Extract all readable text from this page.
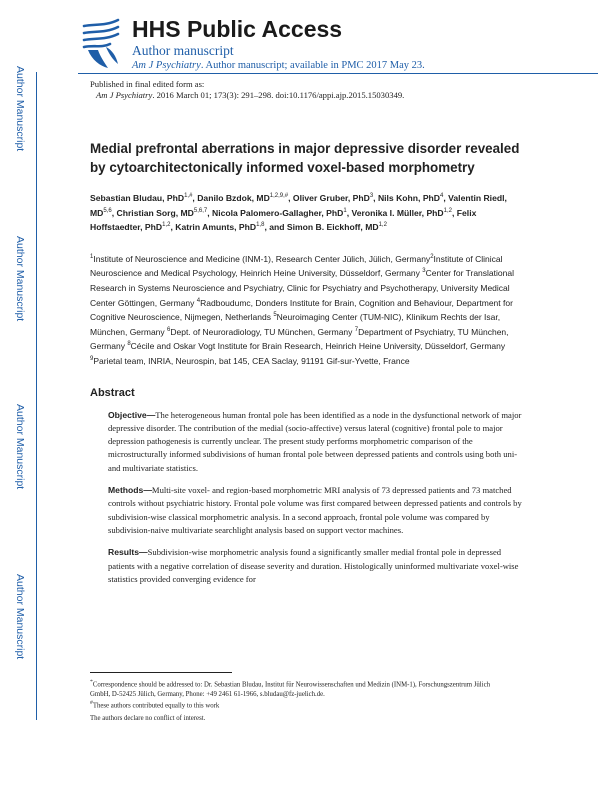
Author Manuscript
Author Manuscript
Author Manuscript
Author Manuscript
HHS Public Access
Author manuscript
Am J Psychiatry. Author manuscript; available in PMC 2017 May 23.
Published in final edited form as:
Am J Psychiatry. 2016 March 01; 173(3): 291–298. doi:10.1176/appi.ajp.2015.15030349.
Medial prefrontal aberrations in major depressive disorder revealed by cytoarchitectonically informed voxel-based morphometry
Sebastian Bludau, PhD$^{1,\#}$, Danilo Bzdok, $MD^{1,2,9,\#}$, Oliver Gruber, PhD$^3$, Nils Kohn, PhD$^4$, Valentin Riedl, MD$^{5,6}$, Christian Sorg, MD$^{5,6,7}$, Nicola Palomero-Gallagher, PhD$^1$, Veronika I. Müller, PhD$^{1,2}$, Felix Hoffstaedter, PhD$^{1,2}$, Katrin Amunts, PhD$^{1,8}$, and Simon B. Eickhoff, MD$^{1,2}$
$^1$Institute of Neuroscience and Medicine (INM-1), Research Center Jülich, Jülich, Germany$^2$Institute of Clinical Neuroscience and Medical Psychology, Heinrich Heine University, Düsseldorf, Germany $^3$Center for Translational Research in Systems Neuroscience and Psychiatry, Clinic for Psychiatry and Psychotherapy, University Medical Center Göttingen, Germany $^4$Radboudumc, Donders Institute for Brain, Cognition and Behaviour, Department for Cognitive Neuroscience, Nijmegen, Netherlands $^5$Neuroimaging Center (TUM-NIC), Klinikum Rechts der Isar, München, Germany $^6$Dept. of Neuroradiology, TU München, Germany $^7$Department of Psychiatry, TU München, Germany $^8$Cécile and Oskar Vogt Institute for Brain Research, Heinrich Heine University, Düsseldorf, Germany $^9$Parietal team, INRIA, Neurospin, bat 145, CEA Saclay, 91191 Gif-sur-Yvette, France
Abstract
Objective—The heterogeneous human frontal pole has been identified as a node in the dysfunctional network of major depressive disorder. The contribution of the medial (socio-affective) versus lateral (cognitive) frontal pole to major depression pathogenesis is currently unclear. The present study performs morphometric comparison of the microstructurally informed subdivisions of human frontal pole between depressed patients and controls using both uni- and multivariate statistics.
Methods—Multi-site voxel- and region-based morphometric MRI analysis of 73 depressed patients and 73 matched controls without psychiatric history. Frontal pole volume was first compared between depressed patients and controls by subdivision-wise classical morphometric analysis. In a second approach, frontal pole volume was compared by subdivision-naive multivariate searchlight analysis based on support vector machines.
Results—Subdivision-wise morphometric analysis found a significantly smaller medial frontal pole in depressed patients with a negative correlation of disease severity and duration. Histologically uninformed multivariate voxel-wise statistics provided converging evidence for

*Correspondence should be addressed to: Dr. Sebastian Bludau, Institut für Neurowissenschaften und Medizin (INM-1), Forschungszentrum Jülich GmbH, D-52425 Jülich, Germany, Phone: +49 2461 61-1966, s.bludau@fz-juelich.de.

#These authors contributed equally to this work

The authors declare no conflict of interest.
